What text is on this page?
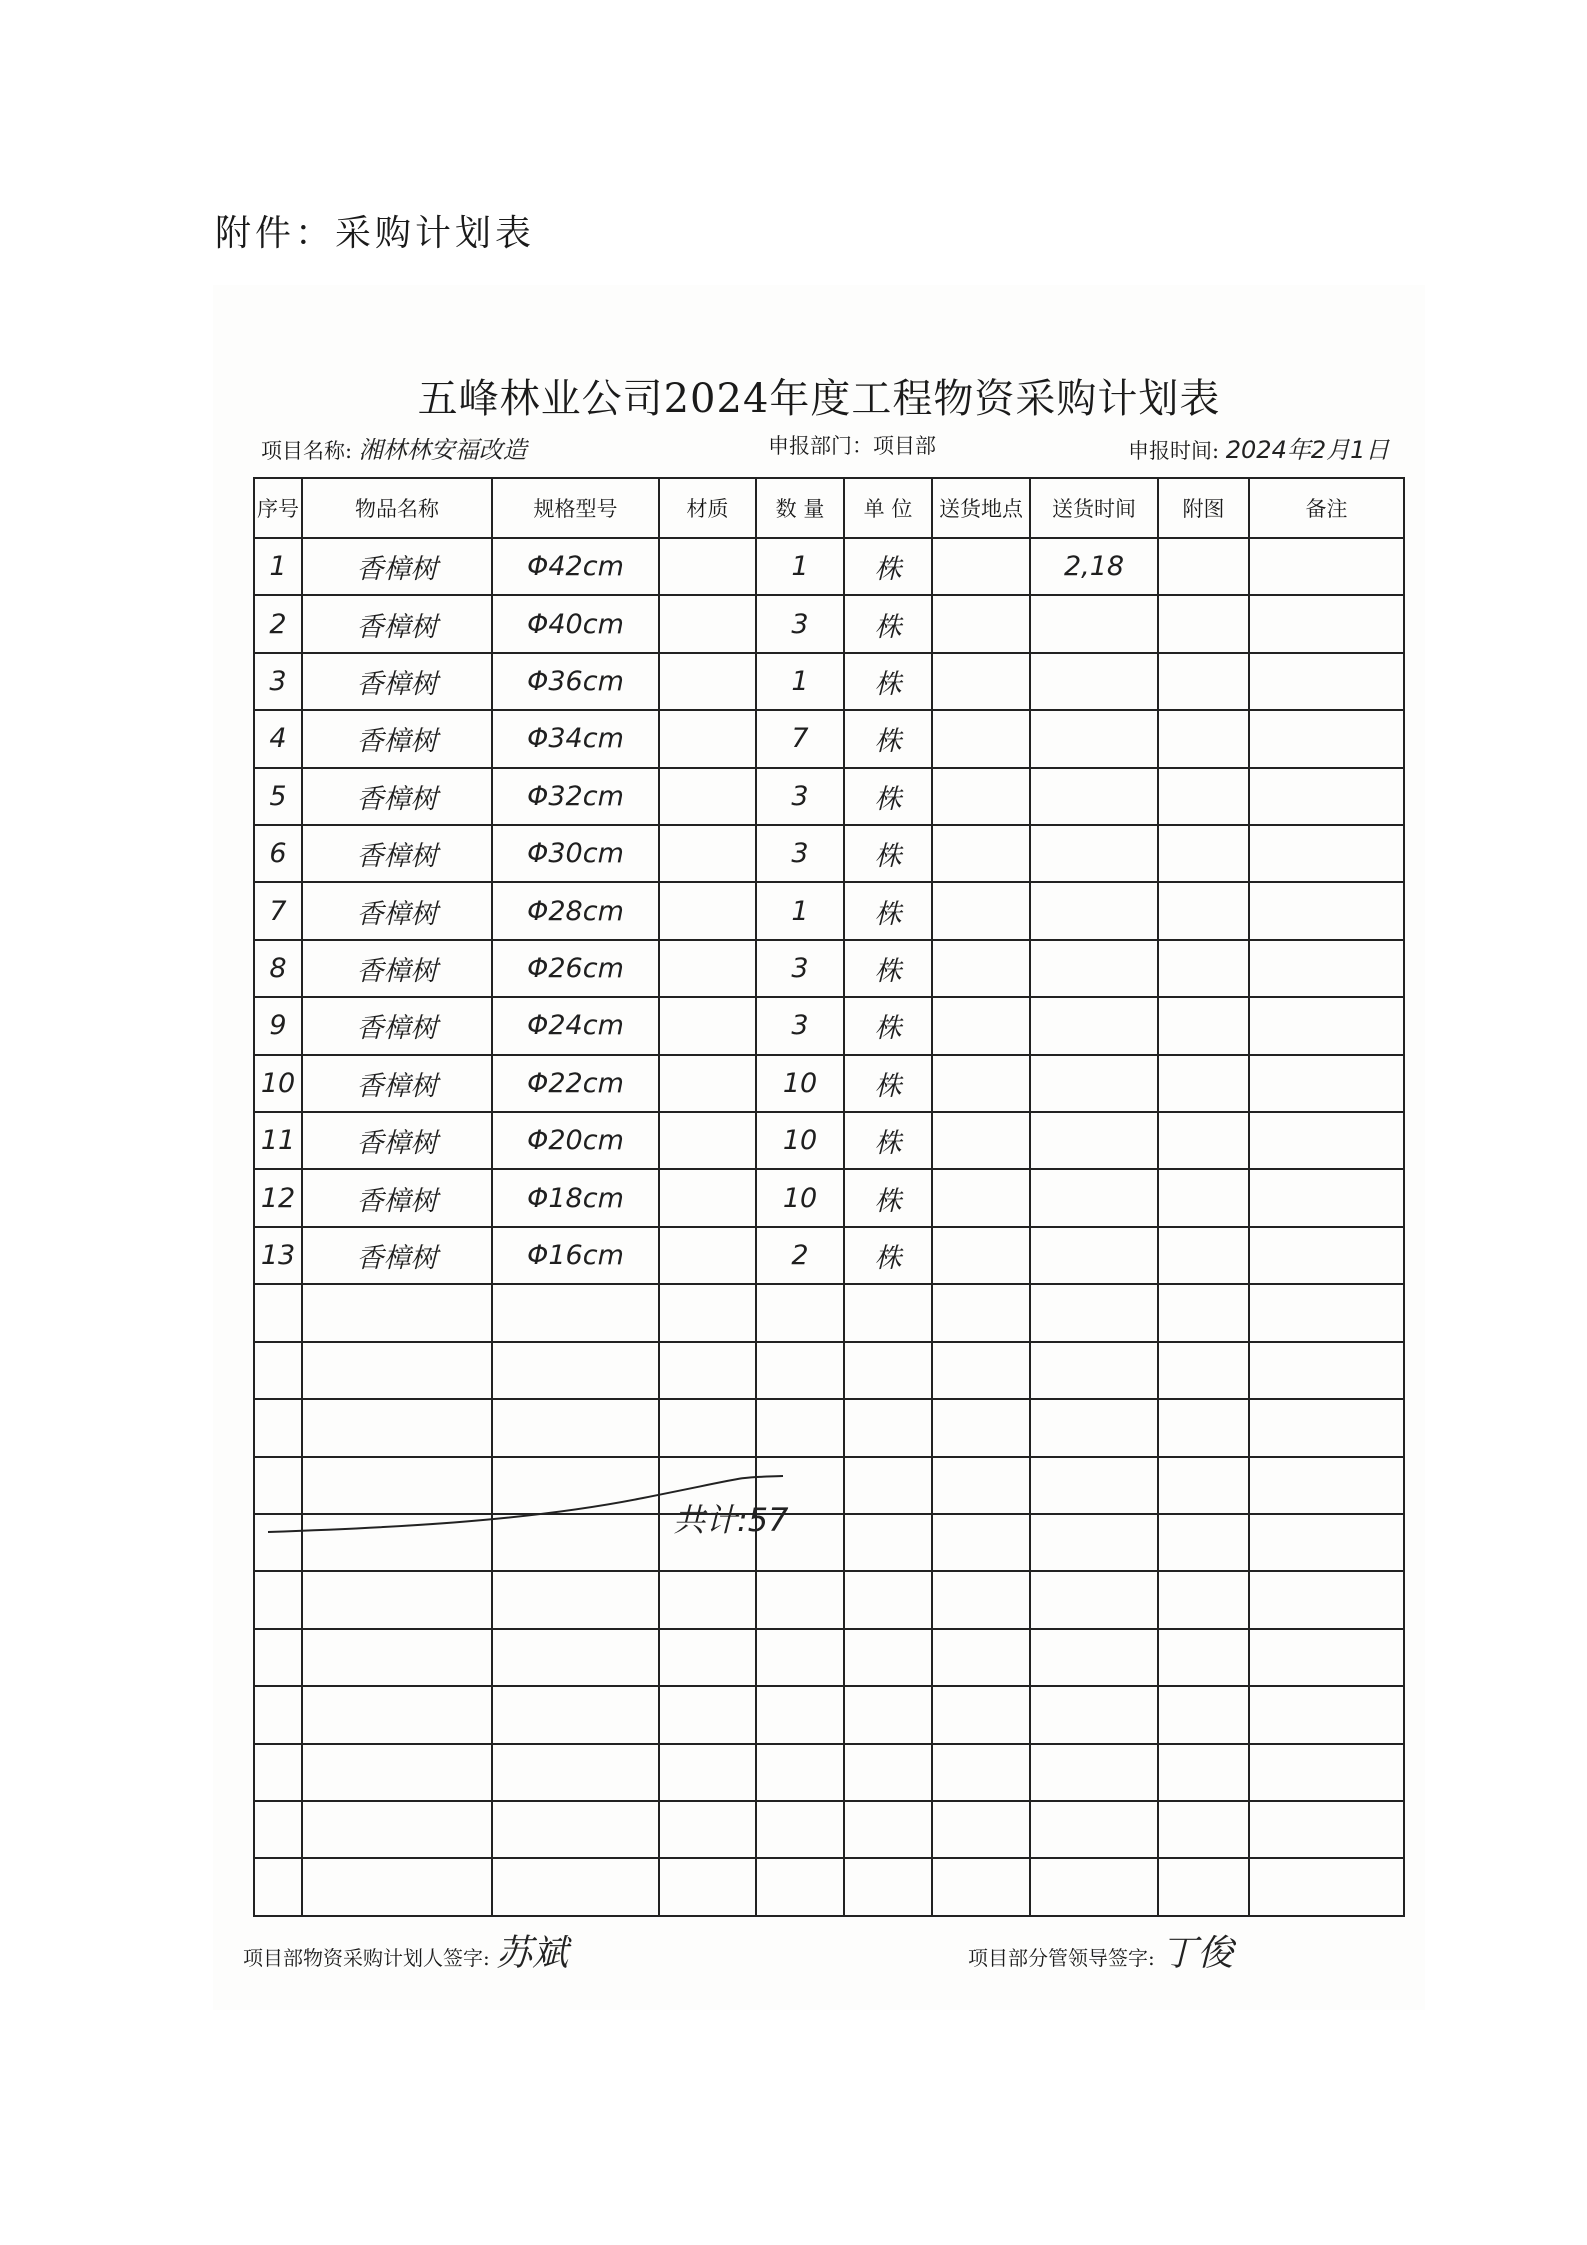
附件：采购计划表
五峰林业公司2024年度工程物资采购计划表
项目名称: 湘林林安福改造	申报部门：项目部	申报时间: 2024年2月1日
序号	物品名称	规格型号	材质	数 量	单 位	送货地点	送货时间	附图	备注
1	香樟树	Φ42cm		1	株		2,18		
2	香樟树	Φ40cm		3	株				
3	香樟树	Φ36cm		1	株				
4	香樟树	Φ34cm		7	株				
5	香樟树	Φ32cm		3	株				
6	香樟树	Φ30cm		3	株				
7	香樟树	Φ28cm		1	株				
8	香樟树	Φ26cm		3	株				
9	香樟树	Φ24cm		3	株				
10	香樟树	Φ22cm		10	株				
11	香樟树	Φ20cm		10	株				
12	香樟树	Φ18cm		10	株				
13	香樟树	Φ16cm		2	株				

共计:57
项目部物资采购计划人签字: 苏斌	项目部分管领导签字: 丁俊
